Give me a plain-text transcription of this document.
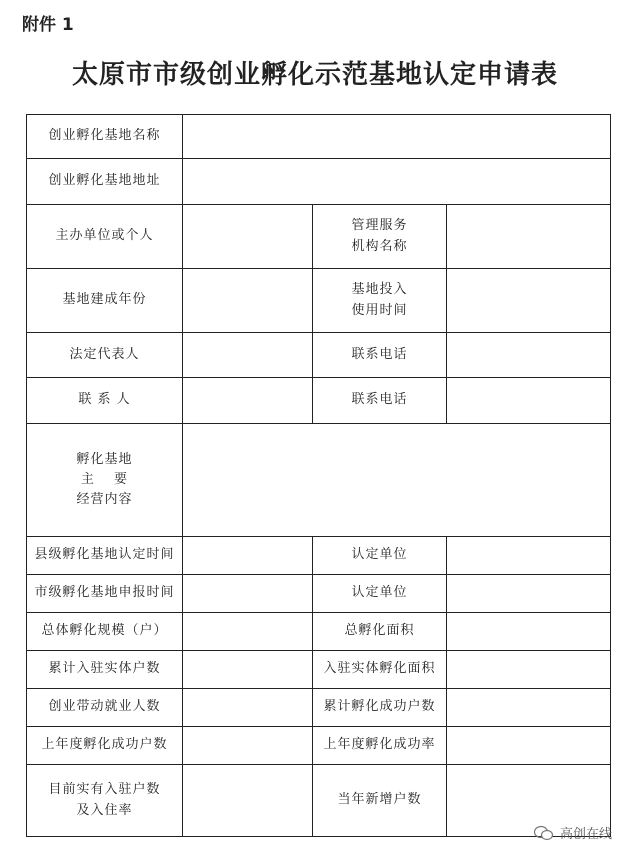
附件 1
太原市市级创业孵化示范基地认定申请表
创业孵化基地名称			
创业孵化基地地址			
主办单位或个人		管理服务
机构名称	

基地建成年份		基地投入
使用时间	

法定代表人		联系电话	
联 系 人		联系电话	

孵化基地
主　 要
经营内容			

县级孵化基地认定时间		认定单位	
市级孵化基地申报时间		认定单位	
总体孵化规模（户）		总孵化面积	
累计入驻实体户数		入驻实体孵化面积	
创业带动就业人数		累计孵化成功户数	
上年度孵化成功户数		上年度孵化成功率	

目前实有入驻户数
及入住率		当年新增户数	
高创在线
